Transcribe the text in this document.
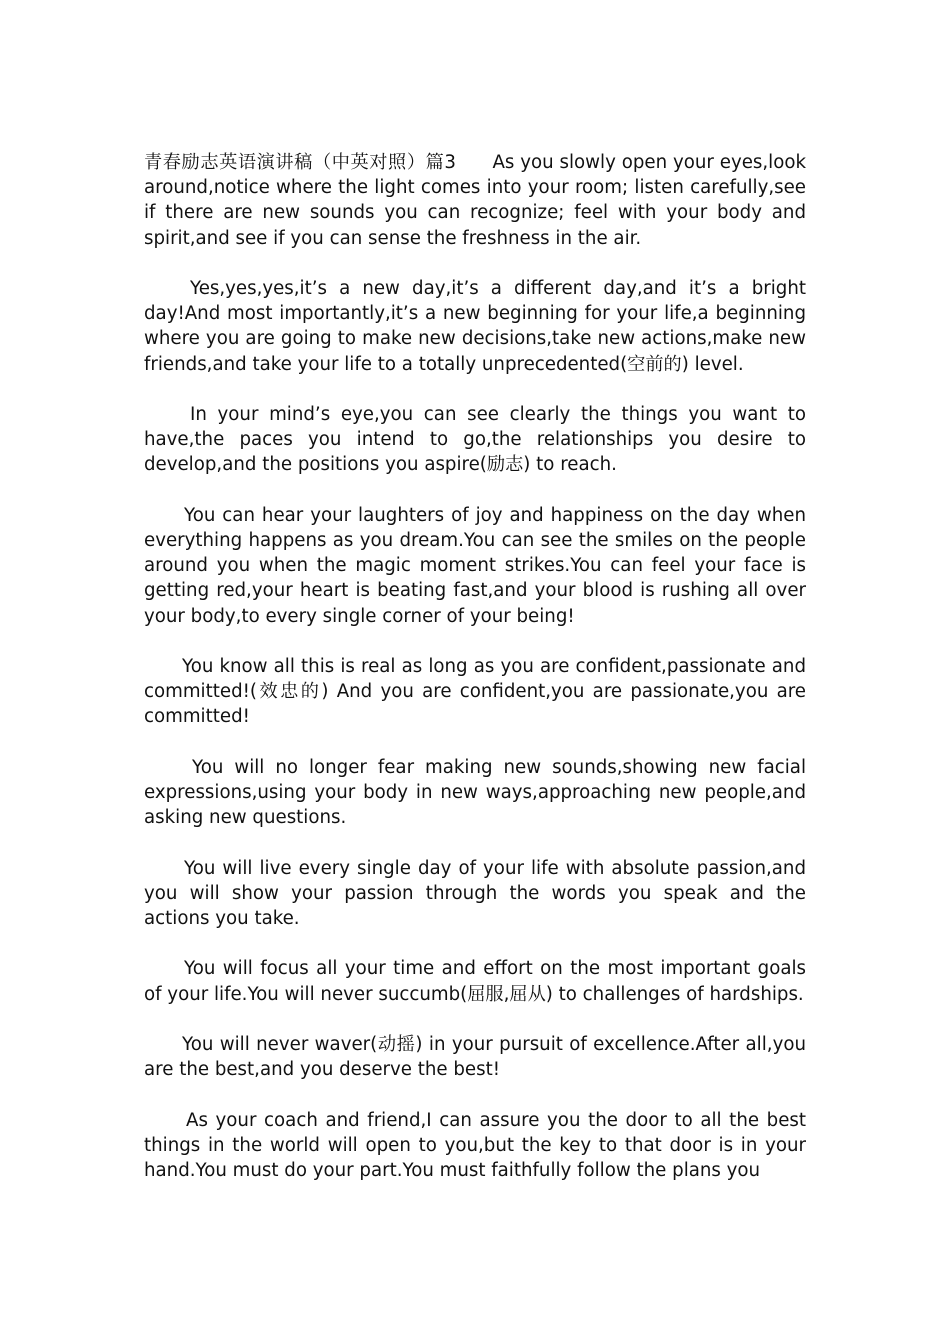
青春励志英语演讲稿（中英对照）篇3 As you slowly open your eyes,look around,notice where the light comes into your room; listen carefully,see if there are new sounds you can recognize; feel with your body and spirit,and see if you can sense the freshness in the air.

Yes,yes,yes,it’s a new day,it’s a different day,and it’s a bright day!And most importantly,it’s a new beginning for your life,a beginning where you are going to make new decisions,take new actions,make new friends,and take your life to a totally unprecedented(空前的) level.

In your mind’s eye,you can see clearly the things you want to have,the paces you intend to go,the relationships you desire to develop,and the positions you aspire(励志) to reach.

You can hear your laughters of joy and happiness on the day when everything happens as you dream.You can see the smiles on the people around you when the magic moment strikes.You can feel your face is getting red,your heart is beating fast,and your blood is rushing all over your body,to every single corner of your being!

You know all this is real as long as you are confident,passionate and committed!(效忠的) And you are confident,you are passionate,you are committed!

You will no longer fear making new sounds,showing new facial expressions,using your body in new ways,approaching new people,and asking new questions.

You will live every single day of your life with absolute passion,and you will show your passion through the words you speak and the actions you take.

You will focus all your time and effort on the most important goals of your life.You will never succumb(屈服,屈从) to challenges of hardships.

You will never waver(动摇) in your pursuit of excellence.After all,you are the best,and you deserve the best!

As your coach and friend,I can assure you the door to all the best things in the world will open to you,but the key to that door is in your hand.You must do your part.You must faithfully follow the plans you
